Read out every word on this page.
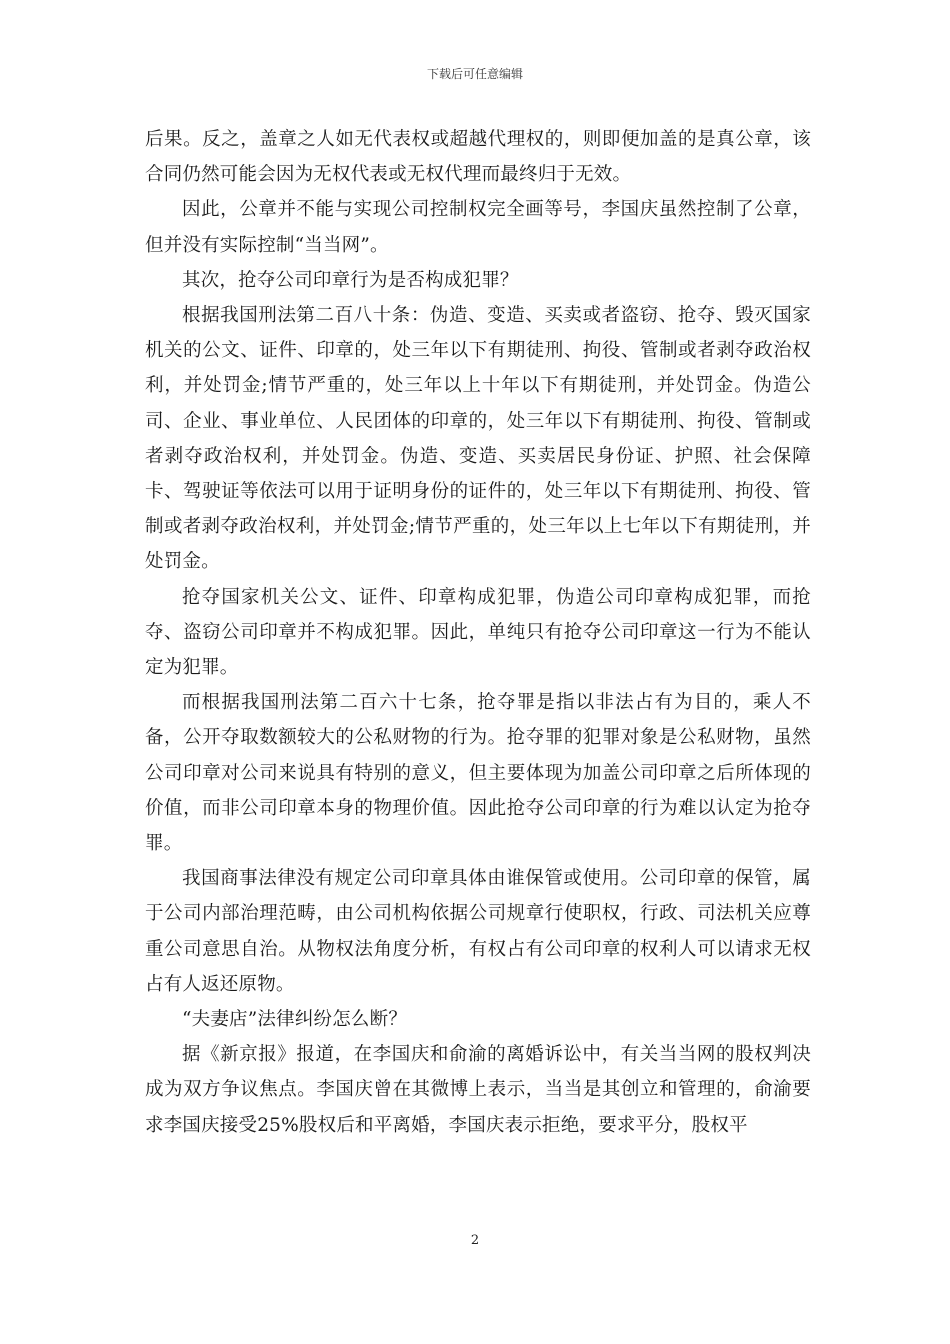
下载后可任意编辑

后果。反之，盖章之人如无代表权或超越代理权的，则即便加盖的是真公章，该合同仍然可能会因为无权代表或无权代理而最终归于无效。

因此，公章并不能与实现公司控制权完全画等号，李国庆虽然控制了公章，但并没有实际控制“当当网”。

其次，抢夺公司印章行为是否构成犯罪？

根据我国刑法第二百八十条：伪造、变造、买卖或者盗窃、抢夺、毁灭国家机关的公文、证件、印章的，处三年以下有期徒刑、拘役、管制或者剥夺政治权利，并处罚金;情节严重的，处三年以上十年以下有期徒刑，并处罚金。伪造公司、企业、事业单位、人民团体的印章的，处三年以下有期徒刑、拘役、管制或者剥夺政治权利，并处罚金。伪造、变造、买卖居民身份证、护照、社会保障卡、驾驶证等依法可以用于证明身份的证件的，处三年以下有期徒刑、拘役、管制或者剥夺政治权利，并处罚金;情节严重的，处三年以上七年以下有期徒刑，并处罚金。

抢夺国家机关公文、证件、印章构成犯罪，伪造公司印章构成犯罪，而抢夺、盗窃公司印章并不构成犯罪。因此，单纯只有抢夺公司印章这一行为不能认定为犯罪。

而根据我国刑法第二百六十七条，抢夺罪是指以非法占有为目的，乘人不备，公开夺取数额较大的公私财物的行为。抢夺罪的犯罪对象是公私财物，虽然公司印章对公司来说具有特别的意义，但主要体现为加盖公司印章之后所体现的价值，而非公司印章本身的物理价值。因此抢夺公司印章的行为难以认定为抢夺罪。

我国商事法律没有规定公司印章具体由谁保管或使用。公司印章的保管，属于公司内部治理范畴，由公司机构依据公司规章行使职权，行政、司法机关应尊重公司意思自治。从物权法角度分析，有权占有公司印章的权利人可以请求无权占有人返还原物。

“夫妻店”法律纠纷怎么断？

据《新京报》报道，在李国庆和俞渝的离婚诉讼中，有关当当网的股权判决成为双方争议焦点。李国庆曾在其微博上表示，当当是其创立和管理的，俞渝要求李国庆接受25%股权后和平离婚，李国庆表示拒绝，要求平分，股权平

2
